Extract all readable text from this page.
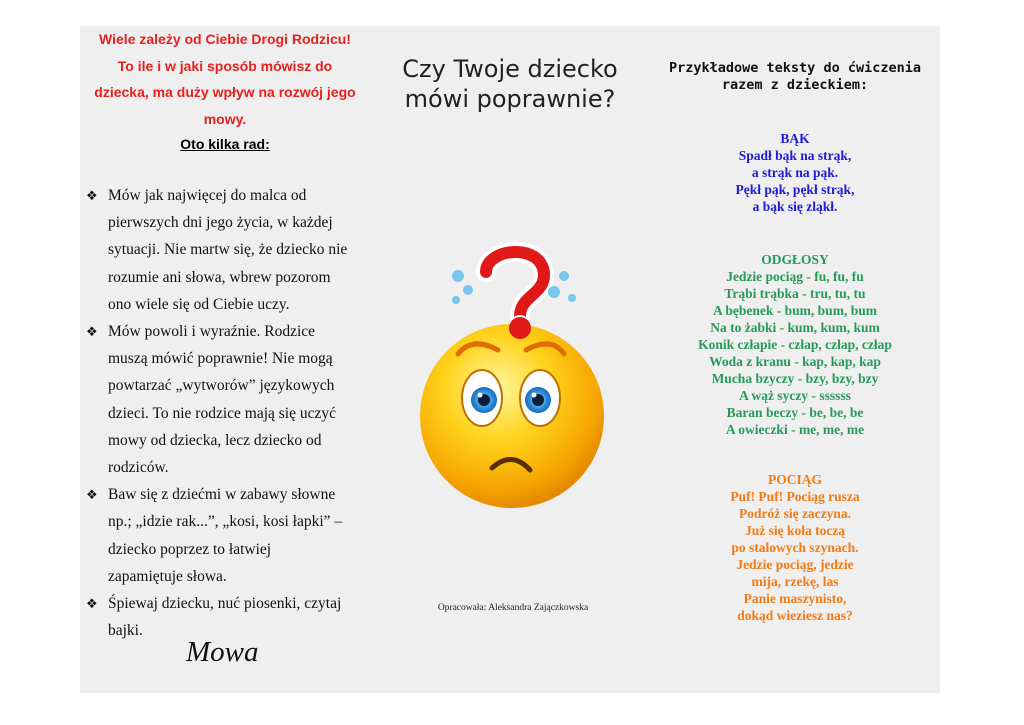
Wiele zależy od Ciebie Drogi Rodzicu!
To ile i w jaki sposób mówisz do
dziecka, ma duży wpływ na rozwój jego
mowy.
Oto kilka rad:
❖ Mów jak najwięcej do malca od
pierwszych dni jego życia, w każdej
sytuacji. Nie martw się, że dziecko nie
rozumie ani słowa, wbrew pozorom
ono wiele się od Ciebie uczy.
❖ Mów powoli i wyraźnie. Rodzice
muszą mówić poprawnie! Nie mogą
powtarzać „wytworów” językowych
dzieci. To nie rodzice mają się uczyć
mowy od dziecka, lecz dziecko od
rodziców.
❖ Baw się z dziećmi w zabawy słowne
np.; „idzie rak...”, „kosi, kosi łapki” –
dziecko poprzez to łatwiej
zapamiętuje słowa.
❖ Śpiewaj dziecku, nuć piosenki, czytaj
bajki.
Mowa
Czy Twoje dziecko
mówi poprawnie?
Opracowała: Aleksandra Zajączkowska
Przykładowe teksty do ćwiczenia
razem z dzieckiem:
BĄK
Spadł bąk na strąk,
a strąk na pąk.
Pękł pąk, pękł strąk,
a bąk się zląkł.
ODGŁOSY
Jedzie pociąg - fu, fu, fu
Trąbi trąbka - tru, tu, tu
A bębenek - bum, bum, bum
Na to żabki - kum, kum, kum
Konik człapie - człap, człap, człap
Woda z kranu - kap, kap, kap
Mucha bzyczy - bzy, bzy, bzy
A wąż syczy - ssssss
Baran beczy - be, be, be
A owieczki - me, me, me
POCIĄG
Puf! Puf! Pociąg rusza
Podróż się zaczyna.
Już się koła toczą
po stalowych szynach.
Jedzie pociąg, jedzie
mija, rzekę, las
Panie maszynisto,
dokąd wieziesz nas?
